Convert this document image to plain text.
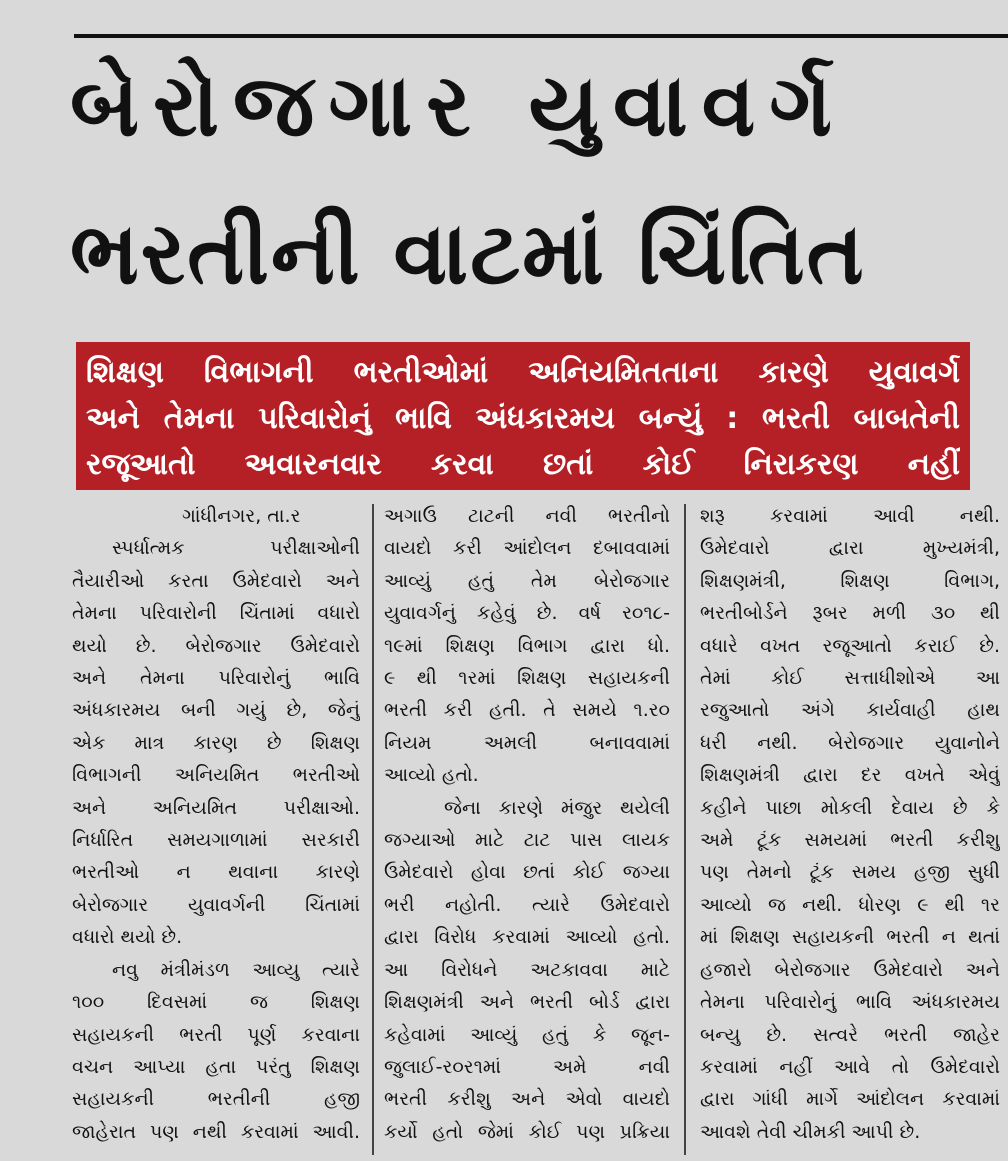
બેરોજગાર યુવાવર્ગ
ભરતીની વાટમાં ચિંતિત
શિક્ષણ વિભાગની ભરતીઓમાં અનિયમિતતાના કારણે યુવાવર્ગ
અને તેમના પરિવારોનું ભાવિ અંધકારમય બન્યું : ભરતી બાબતેની
રજૂઆતો અવારનવાર કરવા છતાં કોઈ નિરાકરણ નહીં
ગાંધીનગર, તા.ર
સ્પર્ધાત્મક પરીક્ષાઓની
તૈયારીઓ કરતા ઉમેદવારો અને
તેમના પરિવારોની ચિંતામાં વધારો
થયો છે. બેરોજગાર ઉમેદવારો
અને તેમના પરિવારોનું ભાવિ
અંધકારમય બની ગયું છે, જેનું
એક માત્ર કારણ છે શિક્ષણ
વિભાગની અનિયમિત ભરતીઓ
અને અનિયમિત પરીક્ષાઓ.
નિર્ધારિત સમયગાળામાં સરકારી
ભરતીઓ ન થવાના કારણે
બેરોજગાર યુવાવર્ગની ચિંતામાં
વધારો થયો છે.
નવુ મંત્રીમંડળ આવ્યુ ત્યારે
૧૦૦ દિવસમાં જ શિક્ષણ
સહાયકની ભરતી પૂર્ણ કરવાના
વચન આપ્યા હતા પરંતુ શિક્ષણ
સહાયકની ભરતીની હજી
જાહેરાત પણ નથી કરવામાં આવી.
અગાઉ ટાટની નવી ભરતીનો
વાયદો કરી આંદોલન દબાવવામાં
આવ્યું હતું તેમ બેરોજગાર
યુવાવર્ગનું કહેવું છે. વર્ષ ર૦૧૮-
૧૯માં શિક્ષણ વિભાગ દ્વારા ધો.
૯ થી ૧રમાં શિક્ષણ સહાયકની
ભરતી કરી હતી. તે સમયે ૧.ર૦
નિયમ અમલી બનાવવામાં
આવ્યો હતો.
જેના કારણે મંજુર થયેલી
જગ્યાઓ માટે ટાટ પાસ લાયક
ઉમેદવારો હોવા છતાં કોઈ જગ્યા
ભરી નહોતી. ત્યારે ઉમેદવારો
દ્વારા વિરોધ કરવામાં આવ્યો હતો.
આ વિરોધને અટકાવવા માટે
શિક્ષણમંત્રી અને ભરતી બોર્ડ દ્વારા
કહેવામાં આવ્યું હતું કે જૂન-
જુલાઈ-ર૦ર૧માં અમે નવી
ભરતી કરીશુ અને એવો વાયદો
કર્યો હતો જેમાં કોઈ પણ પ્રક્રિયા
શરૂ કરવામાં આવી નથી.
ઉમેદવારો દ્વારા મુખ્યમંત્રી,
શિક્ષણમંત્રી, શિક્ષણ વિભાગ,
ભરતીબોર્ડને રૂબર મળી ૩૦ થી
વધારે વખત રજૂઆતો કરાઈ છે.
તેમાં કોઈ સત્તાધીશોએ આ
રજુઆતો અંગે કાર્યવાહી હાથ
ધરી નથી. બેરોજગાર યુવાનોને
શિક્ષણમંત્રી દ્વારા દર વખતે એવું
કહીને પાછા મોકલી દેવાય છે કે
અમે ટૂંક સમયમાં ભરતી કરીશુ
પણ તેમનો ટૂંક સમય હજી સુધી
આવ્યો જ નથી. ધોરણ ૯ થી ૧ર
માં શિક્ષણ સહાયકની ભરતી ન થતાં
હજારો બેરોજગાર ઉમેદવારો અને
તેમના પરિવારોનું ભાવિ અંધકારમય
બન્યુ છે. સત્વરે ભરતી જાહેર
કરવામાં નહીં આવે તો ઉમેદવારો
દ્વારા ગાંધી માર્ગે આંદોલન કરવામાં
આવશે તેવી ચીમકી આપી છે.
